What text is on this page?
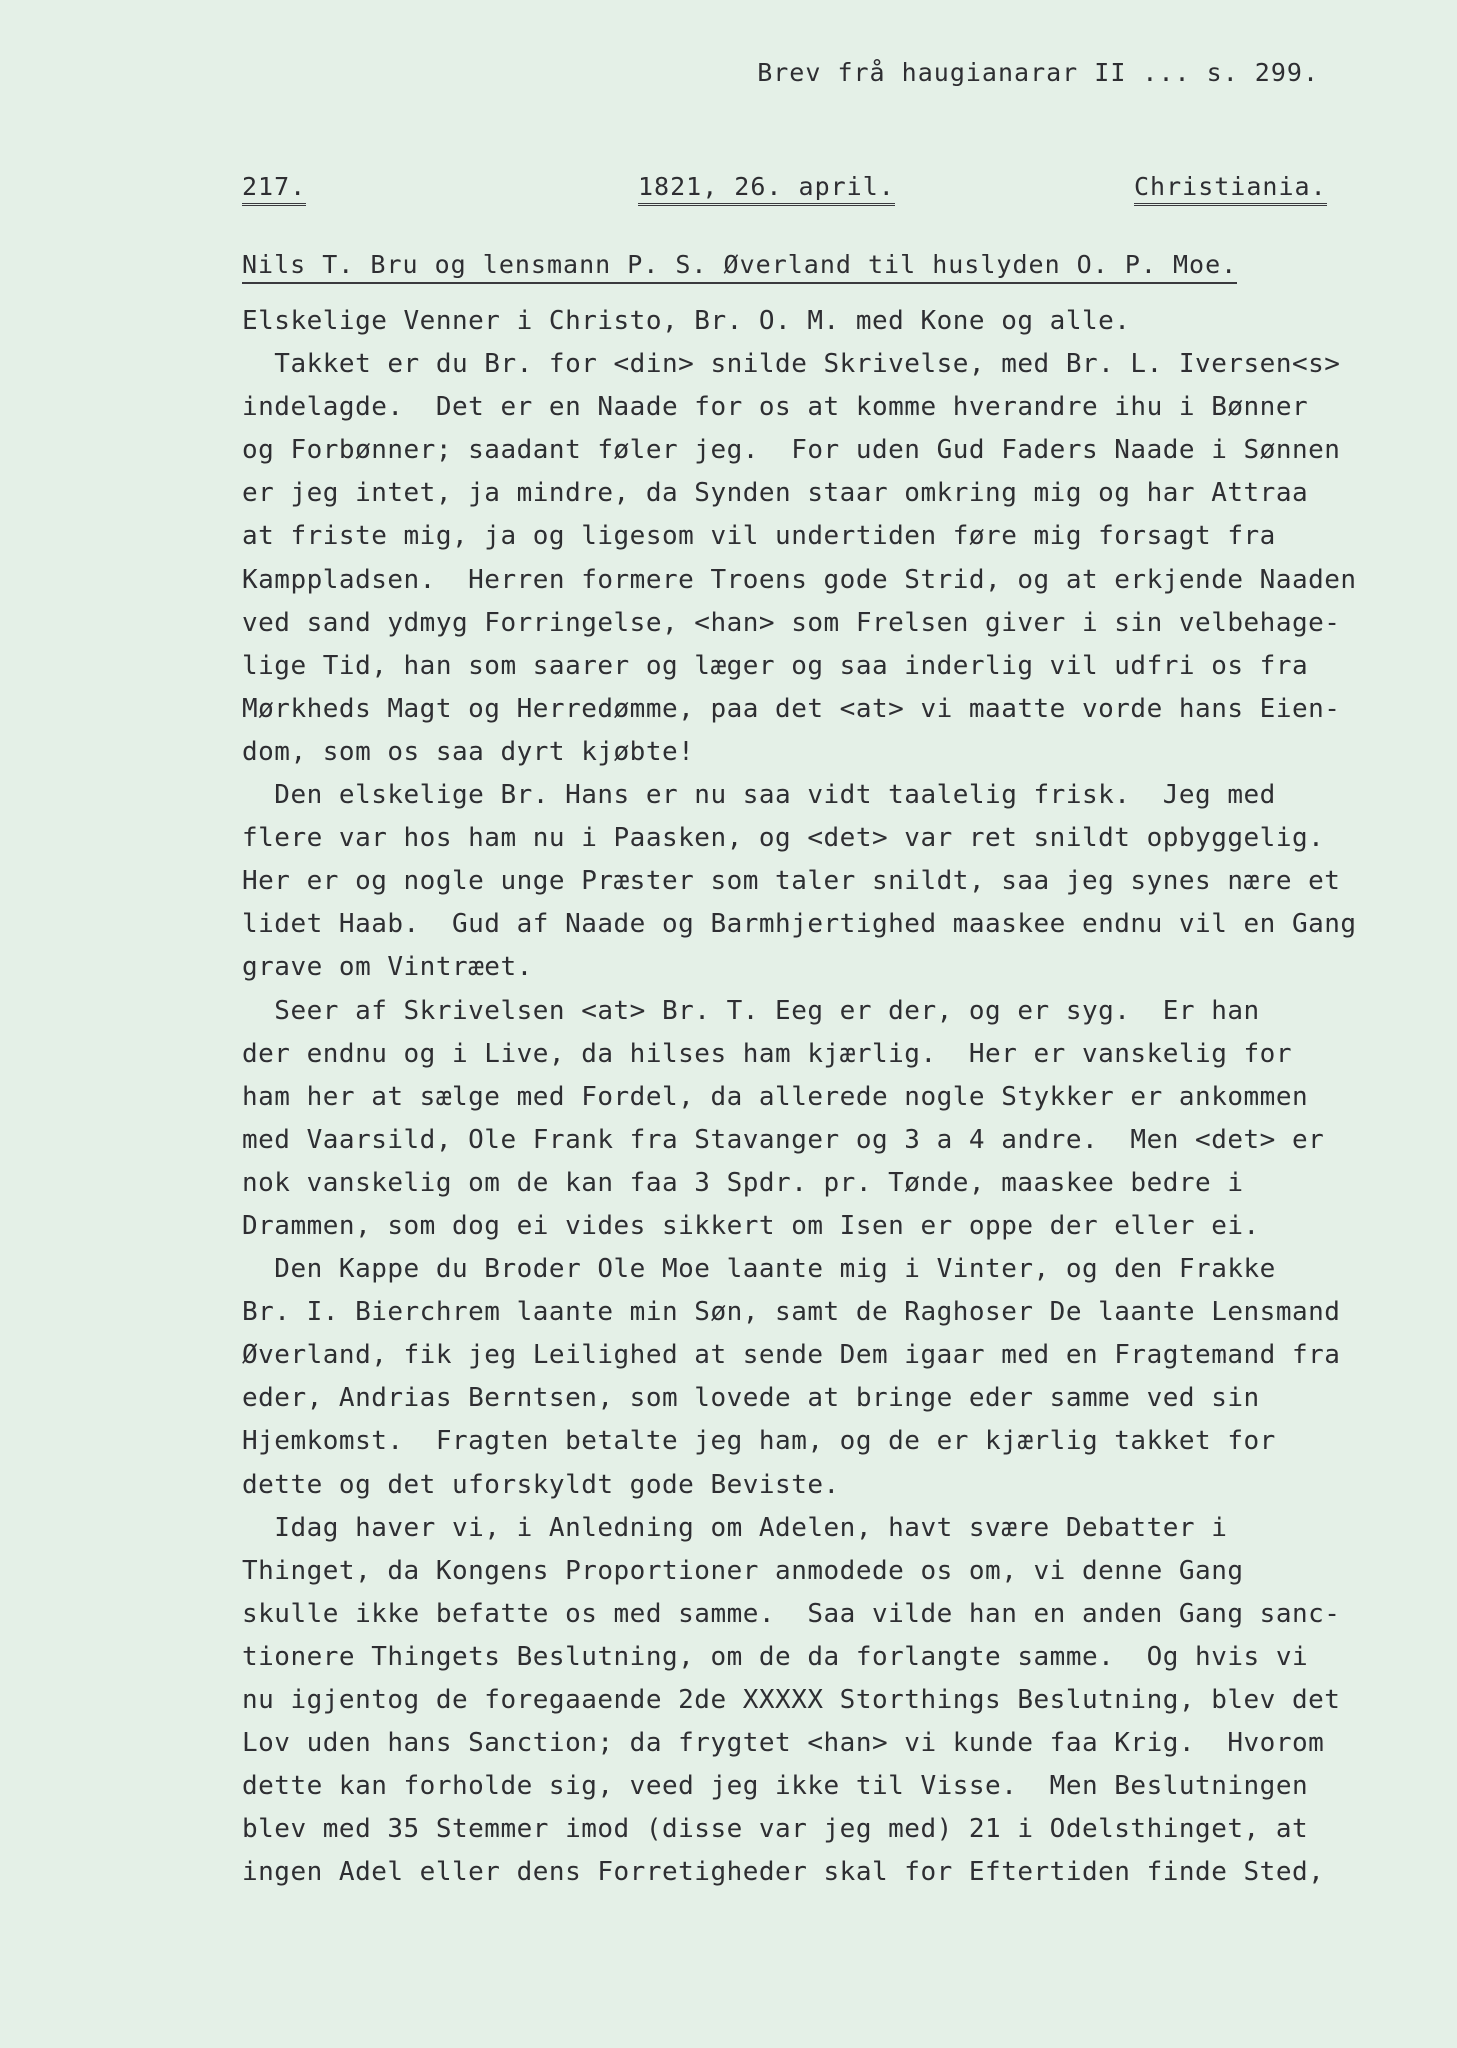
Brev frå haugianarar II ... s. 299.
217.	1821, 26. april.	Christiania.
Nils T. Bru og lensmann P. S. Øverland til huslyden O. P. Moe.
Elskelige Venner i Christo, Br. O. M. med Kone og alle.
Takket er du Br. for <din> snilde Skrivelse, med Br. L. Iversen<s>
indelagde.  Det er en Naade for os at komme hverandre ihu i Bønner
og Forbønner; saadant føler jeg.  For uden Gud Faders Naade i Sønnen
er jeg intet, ja mindre, da Synden staar omkring mig og har Attraa
at friste mig, ja og ligesom vil undertiden føre mig forsagt fra
Kamppladsen.  Herren formere Troens gode Strid, og at erkjende Naaden
ved sand ydmyg Forringelse, <han> som Frelsen giver i sin velbehage-
lige Tid, han som saarer og læger og saa inderlig vil udfri os fra
Mørkheds Magt og Herredømme, paa det <at> vi maatte vorde hans Eien-
dom, som os saa dyrt kjøbte!
Den elskelige Br. Hans er nu saa vidt taalelig frisk.  Jeg med
flere var hos ham nu i Paasken, og <det> var ret snildt opbyggelig.
Her er og nogle unge Præster som taler snildt, saa jeg synes nære et
lidet Haab.  Gud af Naade og Barmhjertighed maaskee endnu vil en Gang
grave om Vintræet.
Seer af Skrivelsen <at> Br. T. Eeg er der, og er syg.  Er han
der endnu og i Live, da hilses ham kjærlig.  Her er vanskelig for
ham her at sælge med Fordel, da allerede nogle Stykker er ankommen
med Vaarsild, Ole Frank fra Stavanger og 3 a 4 andre.  Men <det> er
nok vanskelig om de kan faa 3 Spdr. pr. Tønde, maaskee bedre i
Drammen, som dog ei vides sikkert om Isen er oppe der eller ei.
Den Kappe du Broder Ole Moe laante mig i Vinter, og den Frakke
Br. I. Bierchrem laante min Søn, samt de Raghoser De laante Lensmand
Øverland, fik jeg Leilighed at sende Dem igaar med en Fragtemand fra
eder, Andrias Berntsen, som lovede at bringe eder samme ved sin
Hjemkomst.  Fragten betalte jeg ham, og de er kjærlig takket for
dette og det uforskyldt gode Beviste.
Idag haver vi, i Anledning om Adelen, havt svære Debatter i
Thinget, da Kongens Proportioner anmodede os om, vi denne Gang
skulle ikke befatte os med samme.  Saa vilde han en anden Gang sanc-
tionere Thingets Beslutning, om de da forlangte samme.  Og hvis vi
nu igjentog de foregaaende 2de XXXXX Storthings Beslutning, blev det
Lov uden hans Sanction; da frygtet <han> vi kunde faa Krig.  Hvorom
dette kan forholde sig, veed jeg ikke til Visse.  Men Beslutningen
blev med 35 Stemmer imod (disse var jeg med) 21 i Odelsthinget, at
ingen Adel eller dens Forretigheder skal for Eftertiden finde Sted,
